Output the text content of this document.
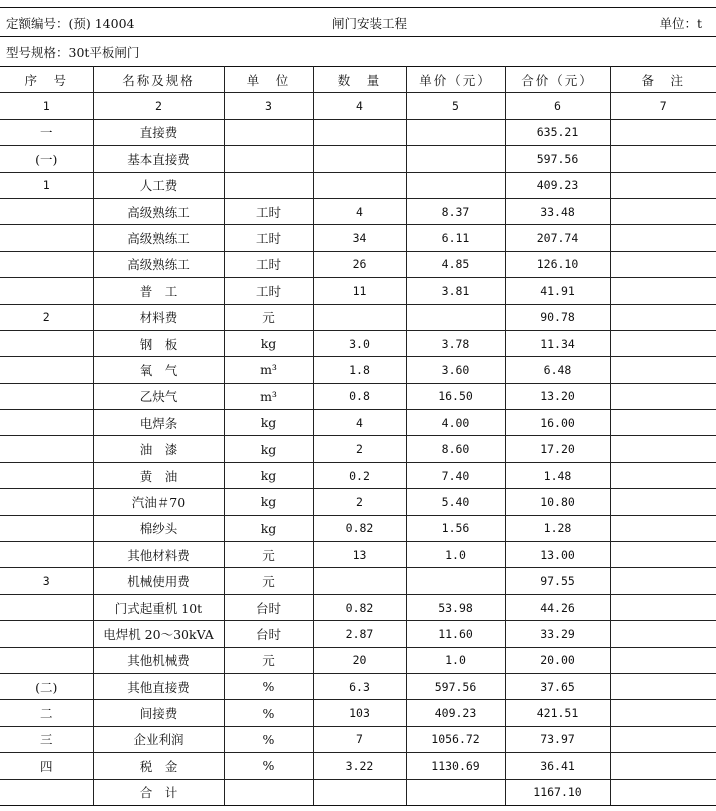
定额编号：(预) 14004	闸门安装工程	单位：t
型号规格：30t平板闸门
序　号	名称及规格	单　位	数　量	单价（元）	合价（元）	备　注
1	2	3	4	5	6	7
一	直接费				635.21	
(一)	基本直接费				597.56	
1	人工费				409.23	
	高级熟练工	工时	4	8.37	33.48	
	高级熟练工	工时	34	6.11	207.74	
	高级熟练工	工时	26	4.85	126.10	
	普　工	工时	11	3.81	41.91	
2	材料费	元			90.78	
	钢　板	kg	3.0	3.78	11.34	
	氧　气	m³	1.8	3.60	6.48	
	乙炔气	m³	0.8	16.50	13.20	
	电焊条	kg	4	4.00	16.00	
	油　漆	kg	2	8.60	17.20	
	黄　油	kg	0.2	7.40	1.48	
	汽油＃70	kg	2	5.40	10.80	
	棉纱头	kg	0.82	1.56	1.28	
	其他材料费	元	13	1.0	13.00	
3	机械使用费	元			97.55	
	门式起重机 10t	台时	0.82	53.98	44.26	
	电焊机 20～30kVA	台时	2.87	11.60	33.29	
	其他机械费	元	20	1.0	20.00	
(二)	其他直接费	%	6.3	597.56	37.65	
二	间接费	%	103	409.23	421.51	
三	企业利润	%	7	1056.72	73.97	
四	税　金	%	3.22	1130.69	36.41	
	合　计				1167.10	
